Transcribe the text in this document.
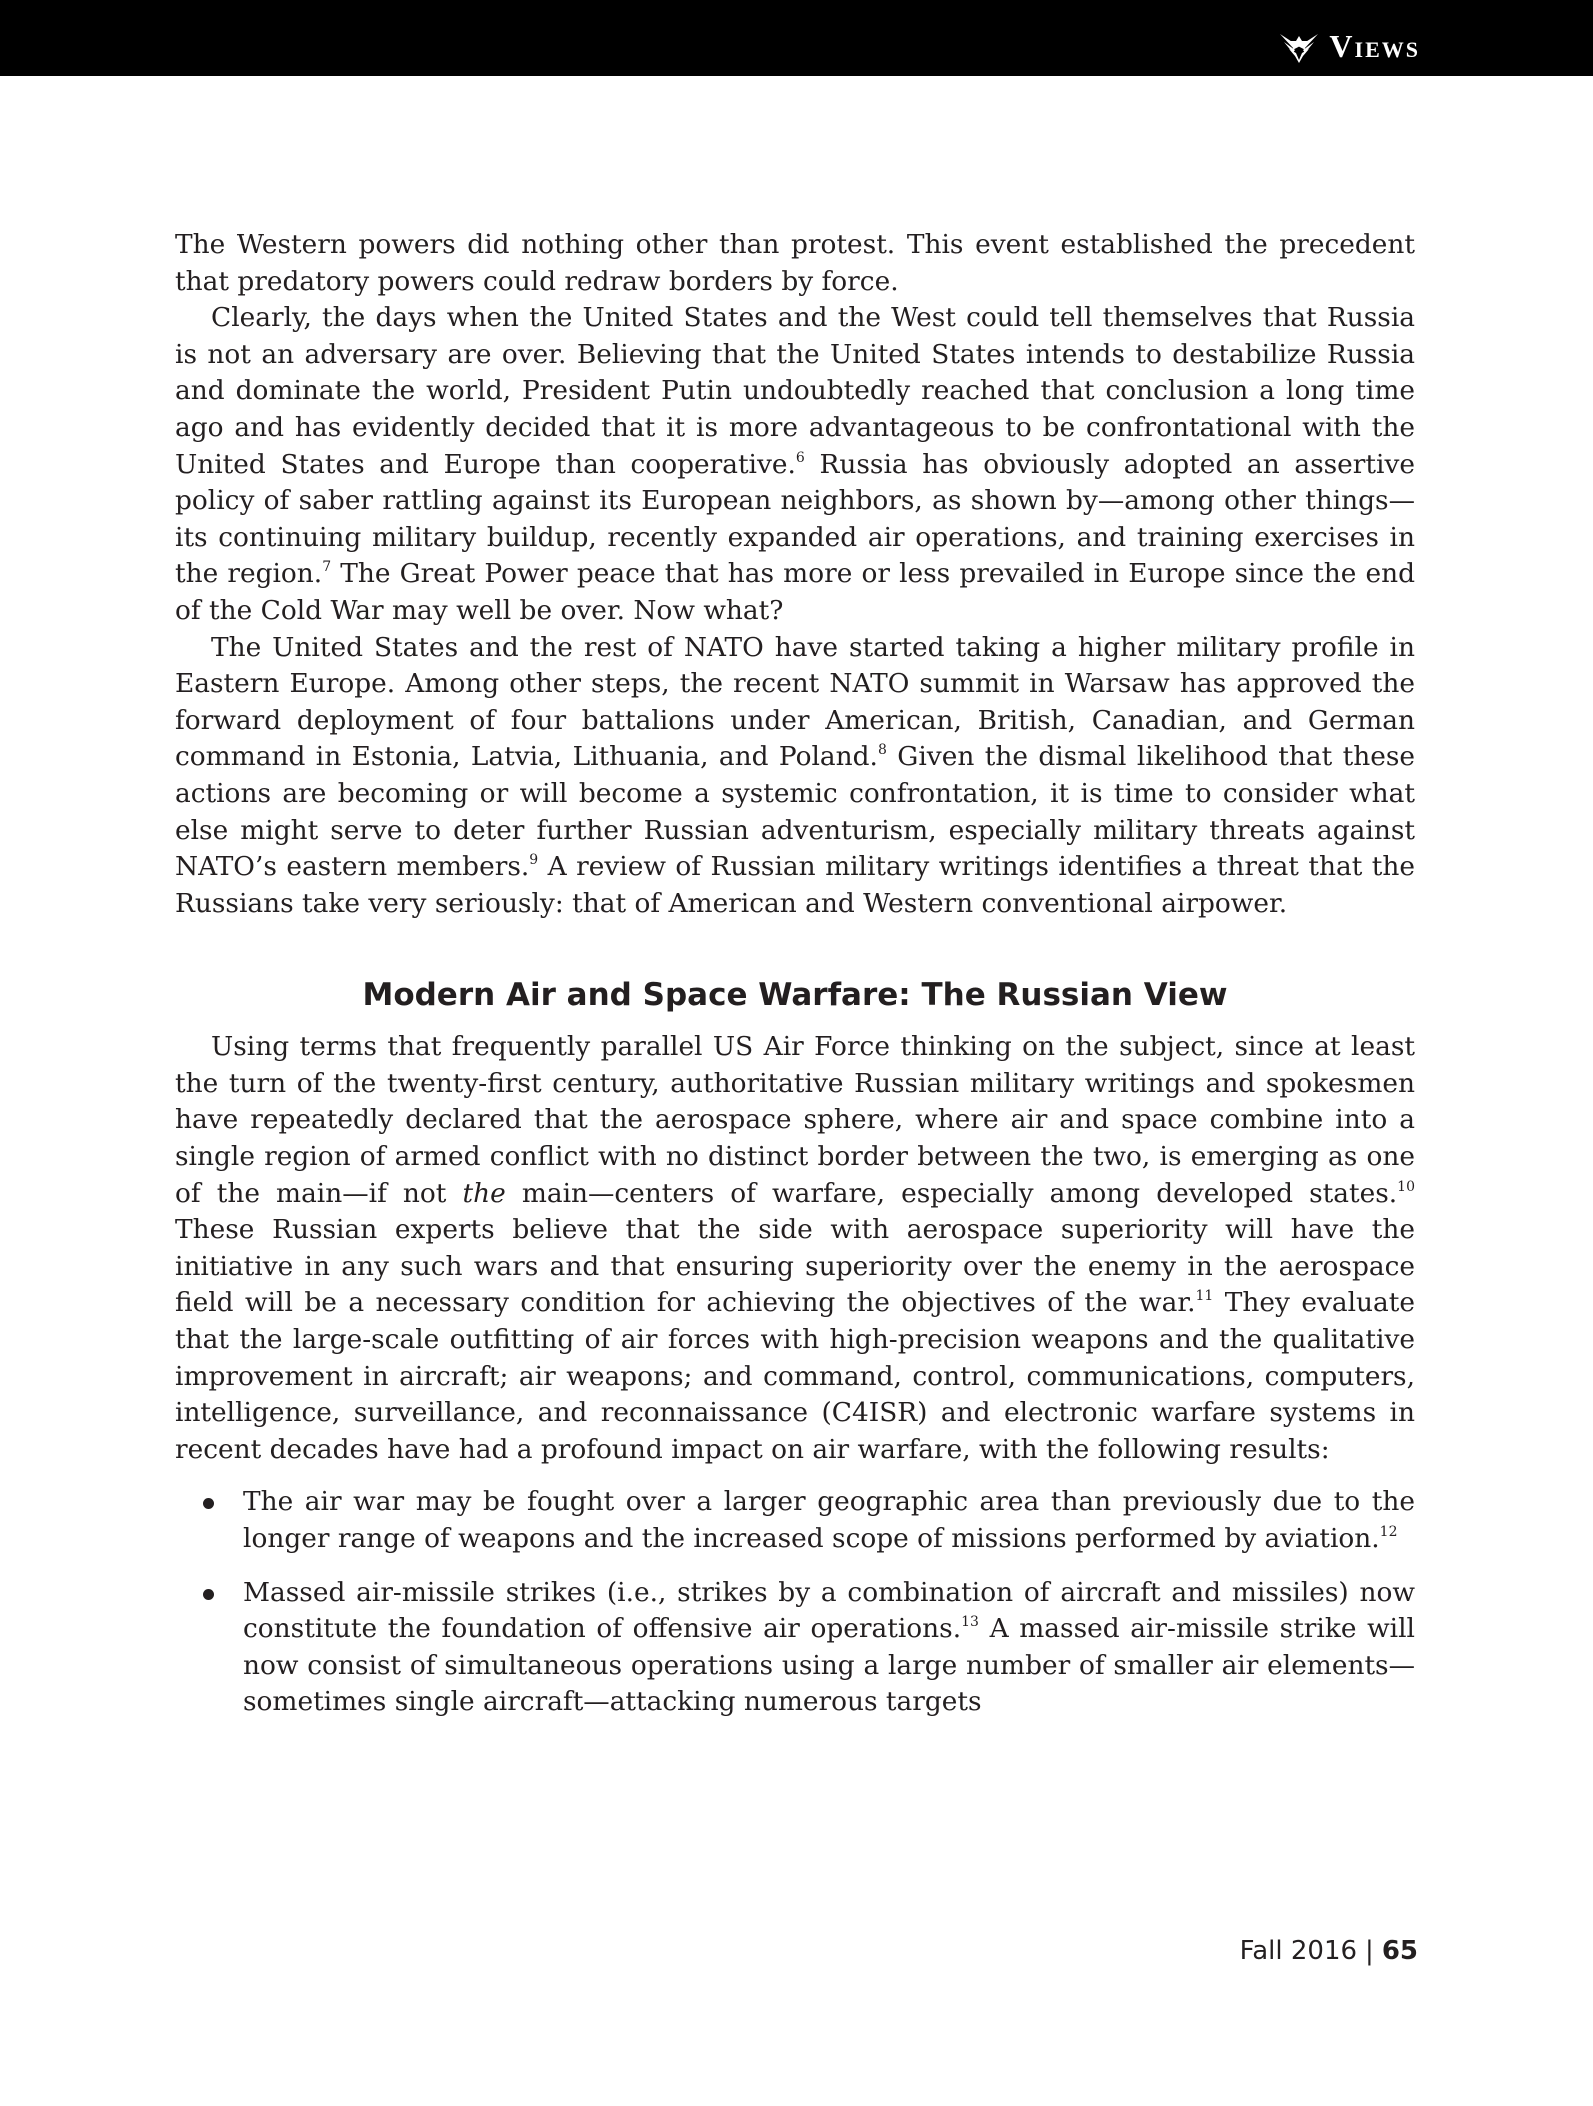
Views

The Western powers did nothing other than protest. This event established the precedent that predatory powers could redraw borders by force.

Clearly, the days when the United States and the West could tell themselves that Russia is not an adversary are over. Believing that the United States intends to destabilize Russia and dominate the world, President Putin undoubtedly reached that conclusion a long time ago and has evidently decided that it is more advantageous to be confrontational with the United States and Europe than cooperative.$^6$ Russia has obviously adopted an assertive policy of saber rattling against its European neighbors, as shown by—among other things—its continuing military buildup, recently expanded air operations, and training exercises in the region.$^7$ The Great Power peace that has more or less prevailed in Europe since the end of the Cold War may well be over. Now what?

The United States and the rest of NATO have started taking a higher military profile in Eastern Europe. Among other steps, the recent NATO summit in Warsaw has approved the forward deployment of four battalions under American, British, Canadian, and German command in Estonia, Latvia, Lithuania, and Poland.$^8$ Given the dismal likelihood that these actions are becoming or will become a systemic confrontation, it is time to consider what else might serve to deter further Russian adventurism, especially military threats against NATO’s eastern members.$^9$ A review of Russian military writings identifies a threat that the Russians take very seriously: that of American and Western conventional airpower.

Modern Air and Space Warfare: The Russian View

Using terms that frequently parallel US Air Force thinking on the subject, since at least the turn of the twenty-first century, authoritative Russian military writings and spokesmen have repeatedly declared that the aerospace sphere, where air and space combine into a single region of armed conflict with no distinct border between the two, is emerging as one of the main—if not the main—centers of warfare, especially among developed states.$^{10}$ These Russian experts believe that the side with aerospace superiority will have the initiative in any such wars and that ensuring superiority over the enemy in the aerospace field will be a necessary condition for achieving the objectives of the war.$^{11}$ They evaluate that the large-scale outfitting of air forces with high-precision weapons and the qualitative improvement in aircraft; air weapons; and command, control, communications, computers, intelligence, surveillance, and reconnaissance (C4ISR) and electronic warfare systems in recent decades have had a profound impact on air warfare, with the following results:

The air war may be fought over a larger geographic area than previously due to the longer range of weapons and the increased scope of missions performed by aviation.$^{12}$
Massed air-missile strikes (i.e., strikes by a combination of aircraft and missiles) now constitute the foundation of offensive air operations.$^{13}$ A massed air-missile strike will now consist of simultaneous operations using a large number of smaller air elements—sometimes single aircraft—attacking numerous targets
Fall 2016 | 65
